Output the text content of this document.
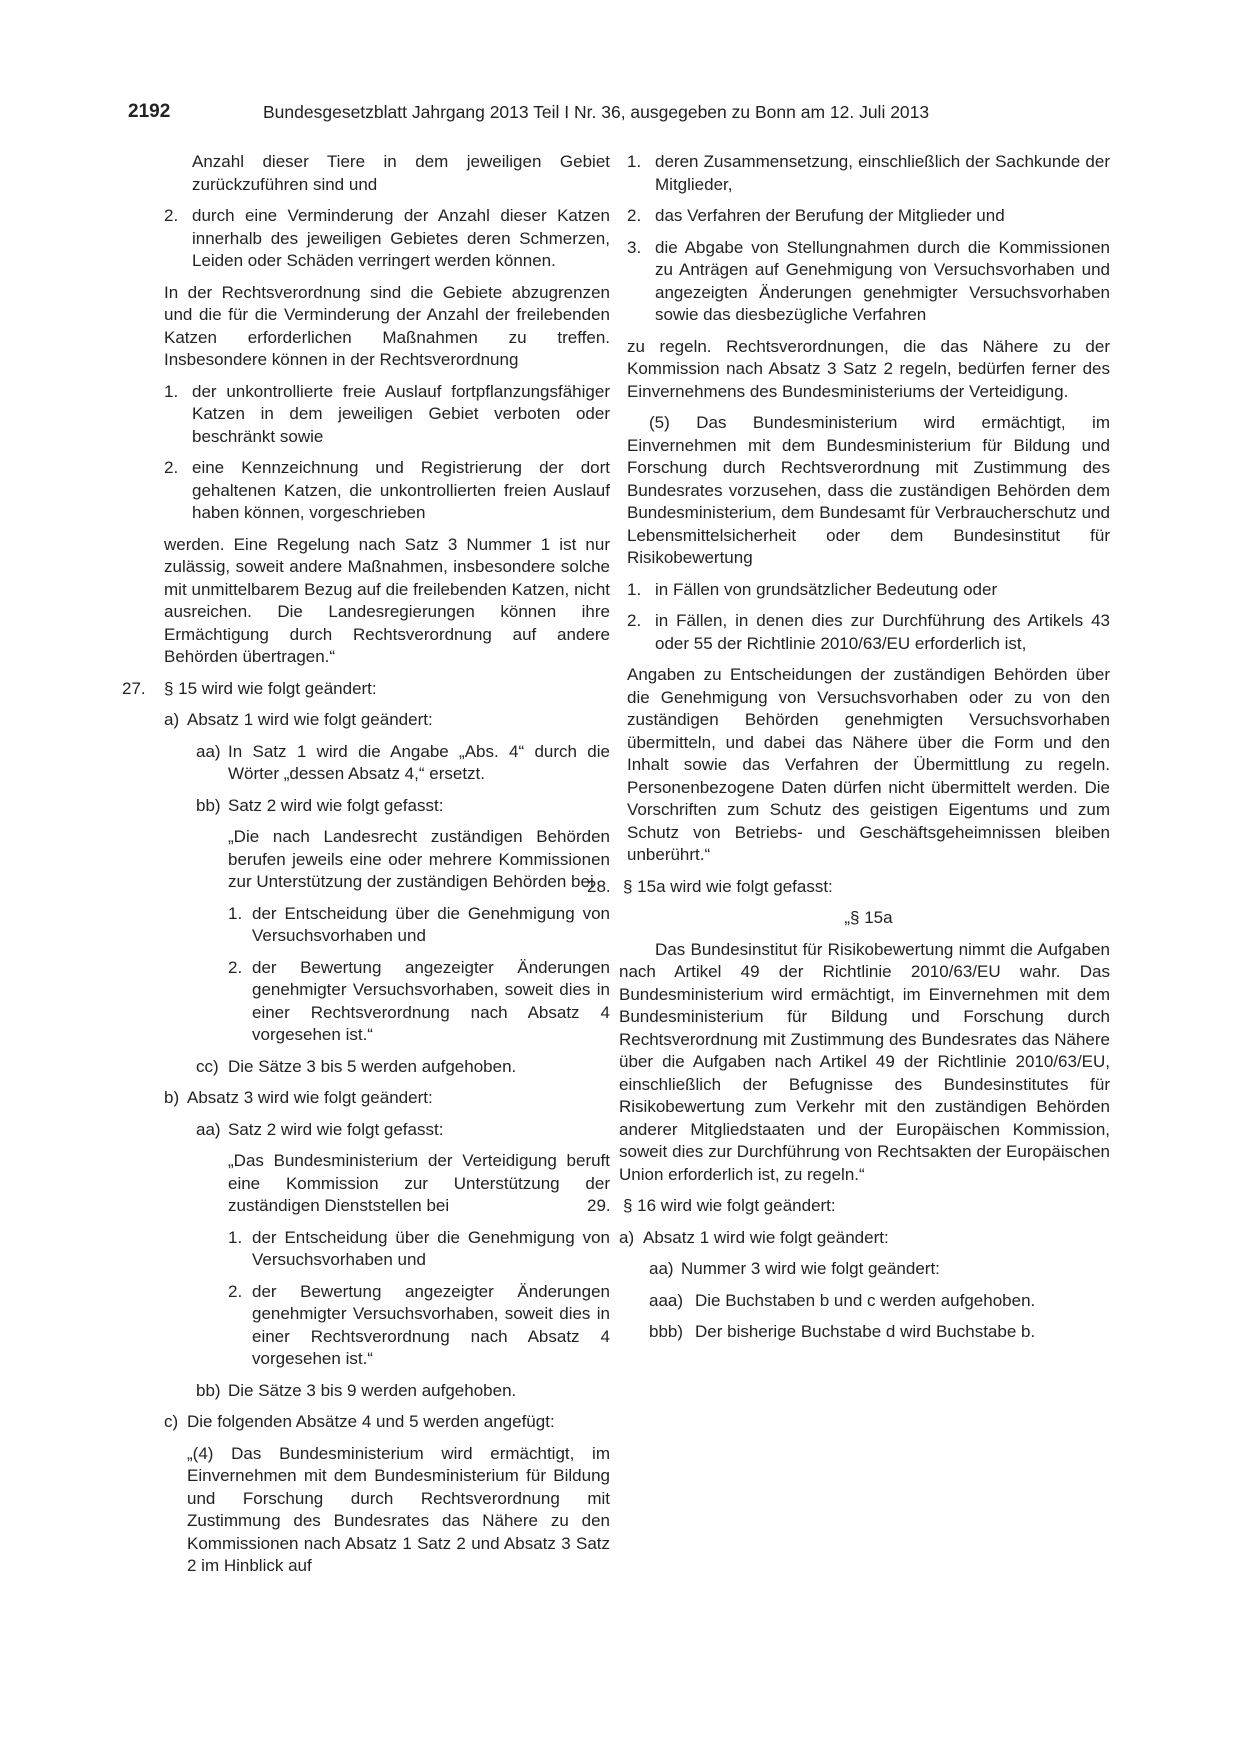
2192	Bundesgesetzblatt Jahrgang 2013 Teil I Nr. 36, ausgegeben zu Bonn am 12. Juli 2013
Anzahl dieser Tiere in dem jeweiligen Gebiet zurückzuführen sind und
2. durch eine Verminderung der Anzahl dieser Katzen innerhalb des jeweiligen Gebietes deren Schmerzen, Leiden oder Schäden verringert werden können.
In der Rechtsverordnung sind die Gebiete abzugrenzen und die für die Verminderung der Anzahl der freilebenden Katzen erforderlichen Maßnahmen zu treffen. Insbesondere können in der Rechtsverordnung
1. der unkontrollierte freie Auslauf fortpflanzungsfähiger Katzen in dem jeweiligen Gebiet verboten oder beschränkt sowie
2. eine Kennzeichnung und Registrierung der dort gehaltenen Katzen, die unkontrollierten freien Auslauf haben können, vorgeschrieben
werden. Eine Regelung nach Satz 3 Nummer 1 ist nur zulässig, soweit andere Maßnahmen, insbesondere solche mit unmittelbarem Bezug auf die freilebenden Katzen, nicht ausreichen. Die Landesregierungen können ihre Ermächtigung durch Rechtsverordnung auf andere Behörden übertragen.“
27. § 15 wird wie folgt geändert:
a) Absatz 1 wird wie folgt geändert:
aa) In Satz 1 wird die Angabe „Abs. 4“ durch die Wörter „dessen Absatz 4,“ ersetzt.
bb) Satz 2 wird wie folgt gefasst:
„Die nach Landesrecht zuständigen Behörden berufen jeweils eine oder mehrere Kommissionen zur Unterstützung der zuständigen Behörden bei
1. der Entscheidung über die Genehmigung von Versuchsvorhaben und
2. der Bewertung angezeigter Änderungen genehmigter Versuchsvorhaben, soweit dies in einer Rechtsverordnung nach Absatz 4 vorgesehen ist.“
cc) Die Sätze 3 bis 5 werden aufgehoben.
b) Absatz 3 wird wie folgt geändert:
aa) Satz 2 wird wie folgt gefasst:
„Das Bundesministerium der Verteidigung beruft eine Kommission zur Unterstützung der zuständigen Dienststellen bei
1. der Entscheidung über die Genehmigung von Versuchsvorhaben und
2. der Bewertung angezeigter Änderungen genehmigter Versuchsvorhaben, soweit dies in einer Rechtsverordnung nach Absatz 4 vorgesehen ist.“
bb) Die Sätze 3 bis 9 werden aufgehoben.
c) Die folgenden Absätze 4 und 5 werden angefügt:
„(4) Das Bundesministerium wird ermächtigt, im Einvernehmen mit dem Bundesministerium für Bildung und Forschung durch Rechtsverordnung mit Zustimmung des Bundesrates das Nähere zu den Kommissionen nach Absatz 1 Satz 2 und Absatz 3 Satz 2 im Hinblick auf
1. deren Zusammensetzung, einschließlich der Sachkunde der Mitglieder,
2. das Verfahren der Berufung der Mitglieder und
3. die Abgabe von Stellungnahmen durch die Kommissionen zu Anträgen auf Genehmigung von Versuchsvorhaben und angezeigten Änderungen genehmigter Versuchsvorhaben sowie das diesbezügliche Verfahren
zu regeln. Rechtsverordnungen, die das Nähere zu der Kommission nach Absatz 3 Satz 2 regeln, bedürfen ferner des Einvernehmens des Bundesministeriums der Verteidigung.
(5) Das Bundesministerium wird ermächtigt, im Einvernehmen mit dem Bundesministerium für Bildung und Forschung durch Rechtsverordnung mit Zustimmung des Bundesrates vorzusehen, dass die zuständigen Behörden dem Bundesministerium, dem Bundesamt für Verbraucherschutz und Lebensmittelsicherheit oder dem Bundesinstitut für Risikobewertung
1. in Fällen von grundsätzlicher Bedeutung oder
2. in Fällen, in denen dies zur Durchführung des Artikels 43 oder 55 der Richtlinie 2010/63/EU erforderlich ist,
Angaben zu Entscheidungen der zuständigen Behörden über die Genehmigung von Versuchsvorhaben oder zu von den zuständigen Behörden genehmigten Versuchsvorhaben übermitteln, und dabei das Nähere über die Form und den Inhalt sowie das Verfahren der Übermittlung zu regeln. Personenbezogene Daten dürfen nicht übermittelt werden. Die Vorschriften zum Schutz des geistigen Eigentums und zum Schutz von Betriebs- und Geschäftsgeheimnissen bleiben unberührt.“
28. § 15a wird wie folgt gefasst:
„§ 15a
Das Bundesinstitut für Risikobewertung nimmt die Aufgaben nach Artikel 49 der Richtlinie 2010/63/EU wahr. Das Bundesministerium wird ermächtigt, im Einvernehmen mit dem Bundesministerium für Bildung und Forschung durch Rechtsverordnung mit Zustimmung des Bundesrates das Nähere über die Aufgaben nach Artikel 49 der Richtlinie 2010/63/EU, einschließlich der Befugnisse des Bundesinstitutes für Risikobewertung zum Verkehr mit den zuständigen Behörden anderer Mitgliedstaaten und der Europäischen Kommission, soweit dies zur Durchführung von Rechtsakten der Europäischen Union erforderlich ist, zu regeln.“
29. § 16 wird wie folgt geändert:
a) Absatz 1 wird wie folgt geändert:
aa) Nummer 3 wird wie folgt geändert:
aaa) Die Buchstaben b und c werden aufgehoben.
bbb) Der bisherige Buchstabe d wird Buchstabe b.
